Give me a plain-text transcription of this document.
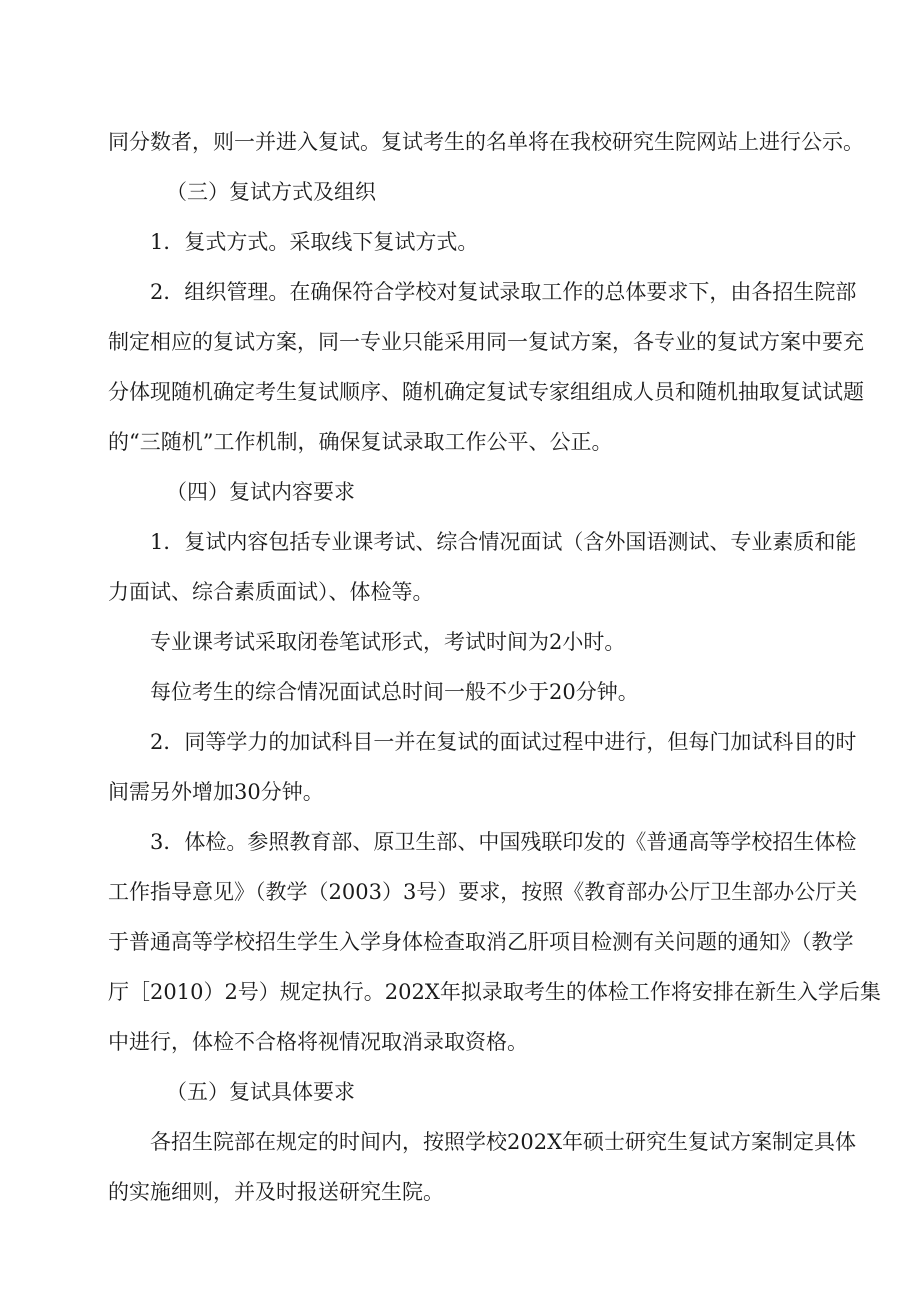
同分数者，则一并进入复试。复试考生的名单将在我校研究生院网站上进行公示。
（三）复试方式及组织
1．复式方式。采取线下复试方式。
2．组织管理。在确保符合学校对复试录取工作的总体要求下，由各招生院部
制定相应的复试方案，同一专业只能采用同一复试方案，各专业的复试方案中要充
分体现随机确定考生复试顺序、随机确定复试专家组组成人员和随机抽取复试试题
的“三随机”工作机制，确保复试录取工作公平、公正。
（四）复试内容要求
1．复试内容包括专业课考试、综合情况面试（含外国语测试、专业素质和能
力面试、综合素质面试）、体检等。
专业课考试采取闭卷笔试形式，考试时间为2小时。
每位考生的综合情况面试总时间一般不少于20分钟。
2．同等学力的加试科目一并在复试的面试过程中进行，但每门加试科目的时
间需另外增加30分钟。
3．体检。参照教育部、原卫生部、中国残联印发的《普通高等学校招生体检
工作指导意见》（教学（2003）3号）要求，按照《教育部办公厅卫生部办公厅关
于普通高等学校招生学生入学身体检查取消乙肝项目检测有关问题的通知》（教学
厅［2010）2号）规定执行。202X年拟录取考生的体检工作将安排在新生入学后集
中进行，体检不合格将视情况取消录取资格。
（五）复试具体要求
各招生院部在规定的时间内，按照学校202X年硕士研究生复试方案制定具体
的实施细则，并及时报送研究生院。
